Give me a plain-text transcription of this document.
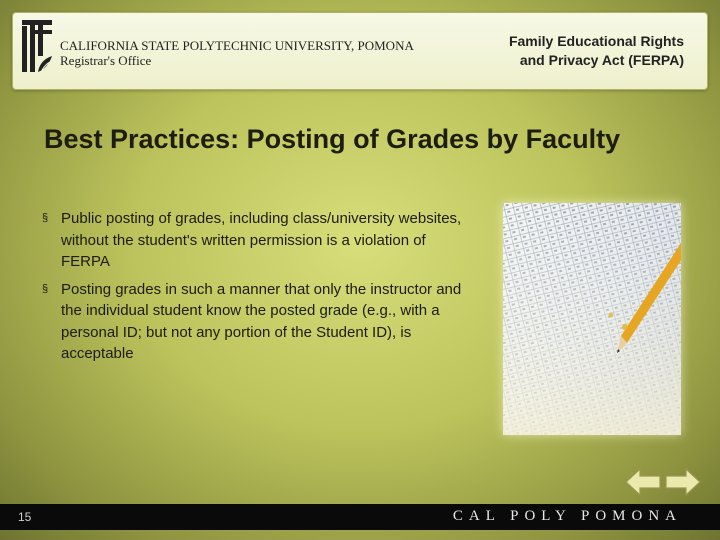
CALIFORNIA STATE POLYTECHNIC UNIVERSITY, POMONA
Registrar's Office
Family Educational Rights
and Privacy Act (FERPA)
Best Practices: Posting of Grades by Faculty
§ Public posting of grades, including class/university websites, without the student's written permission is a violation of FERPA
§ Posting grades in such a manner that only the instructor and the individual student know the posted grade (e.g., with a personal ID; but not any portion of the Student ID), is acceptable
15	CAL POLY POMONA
